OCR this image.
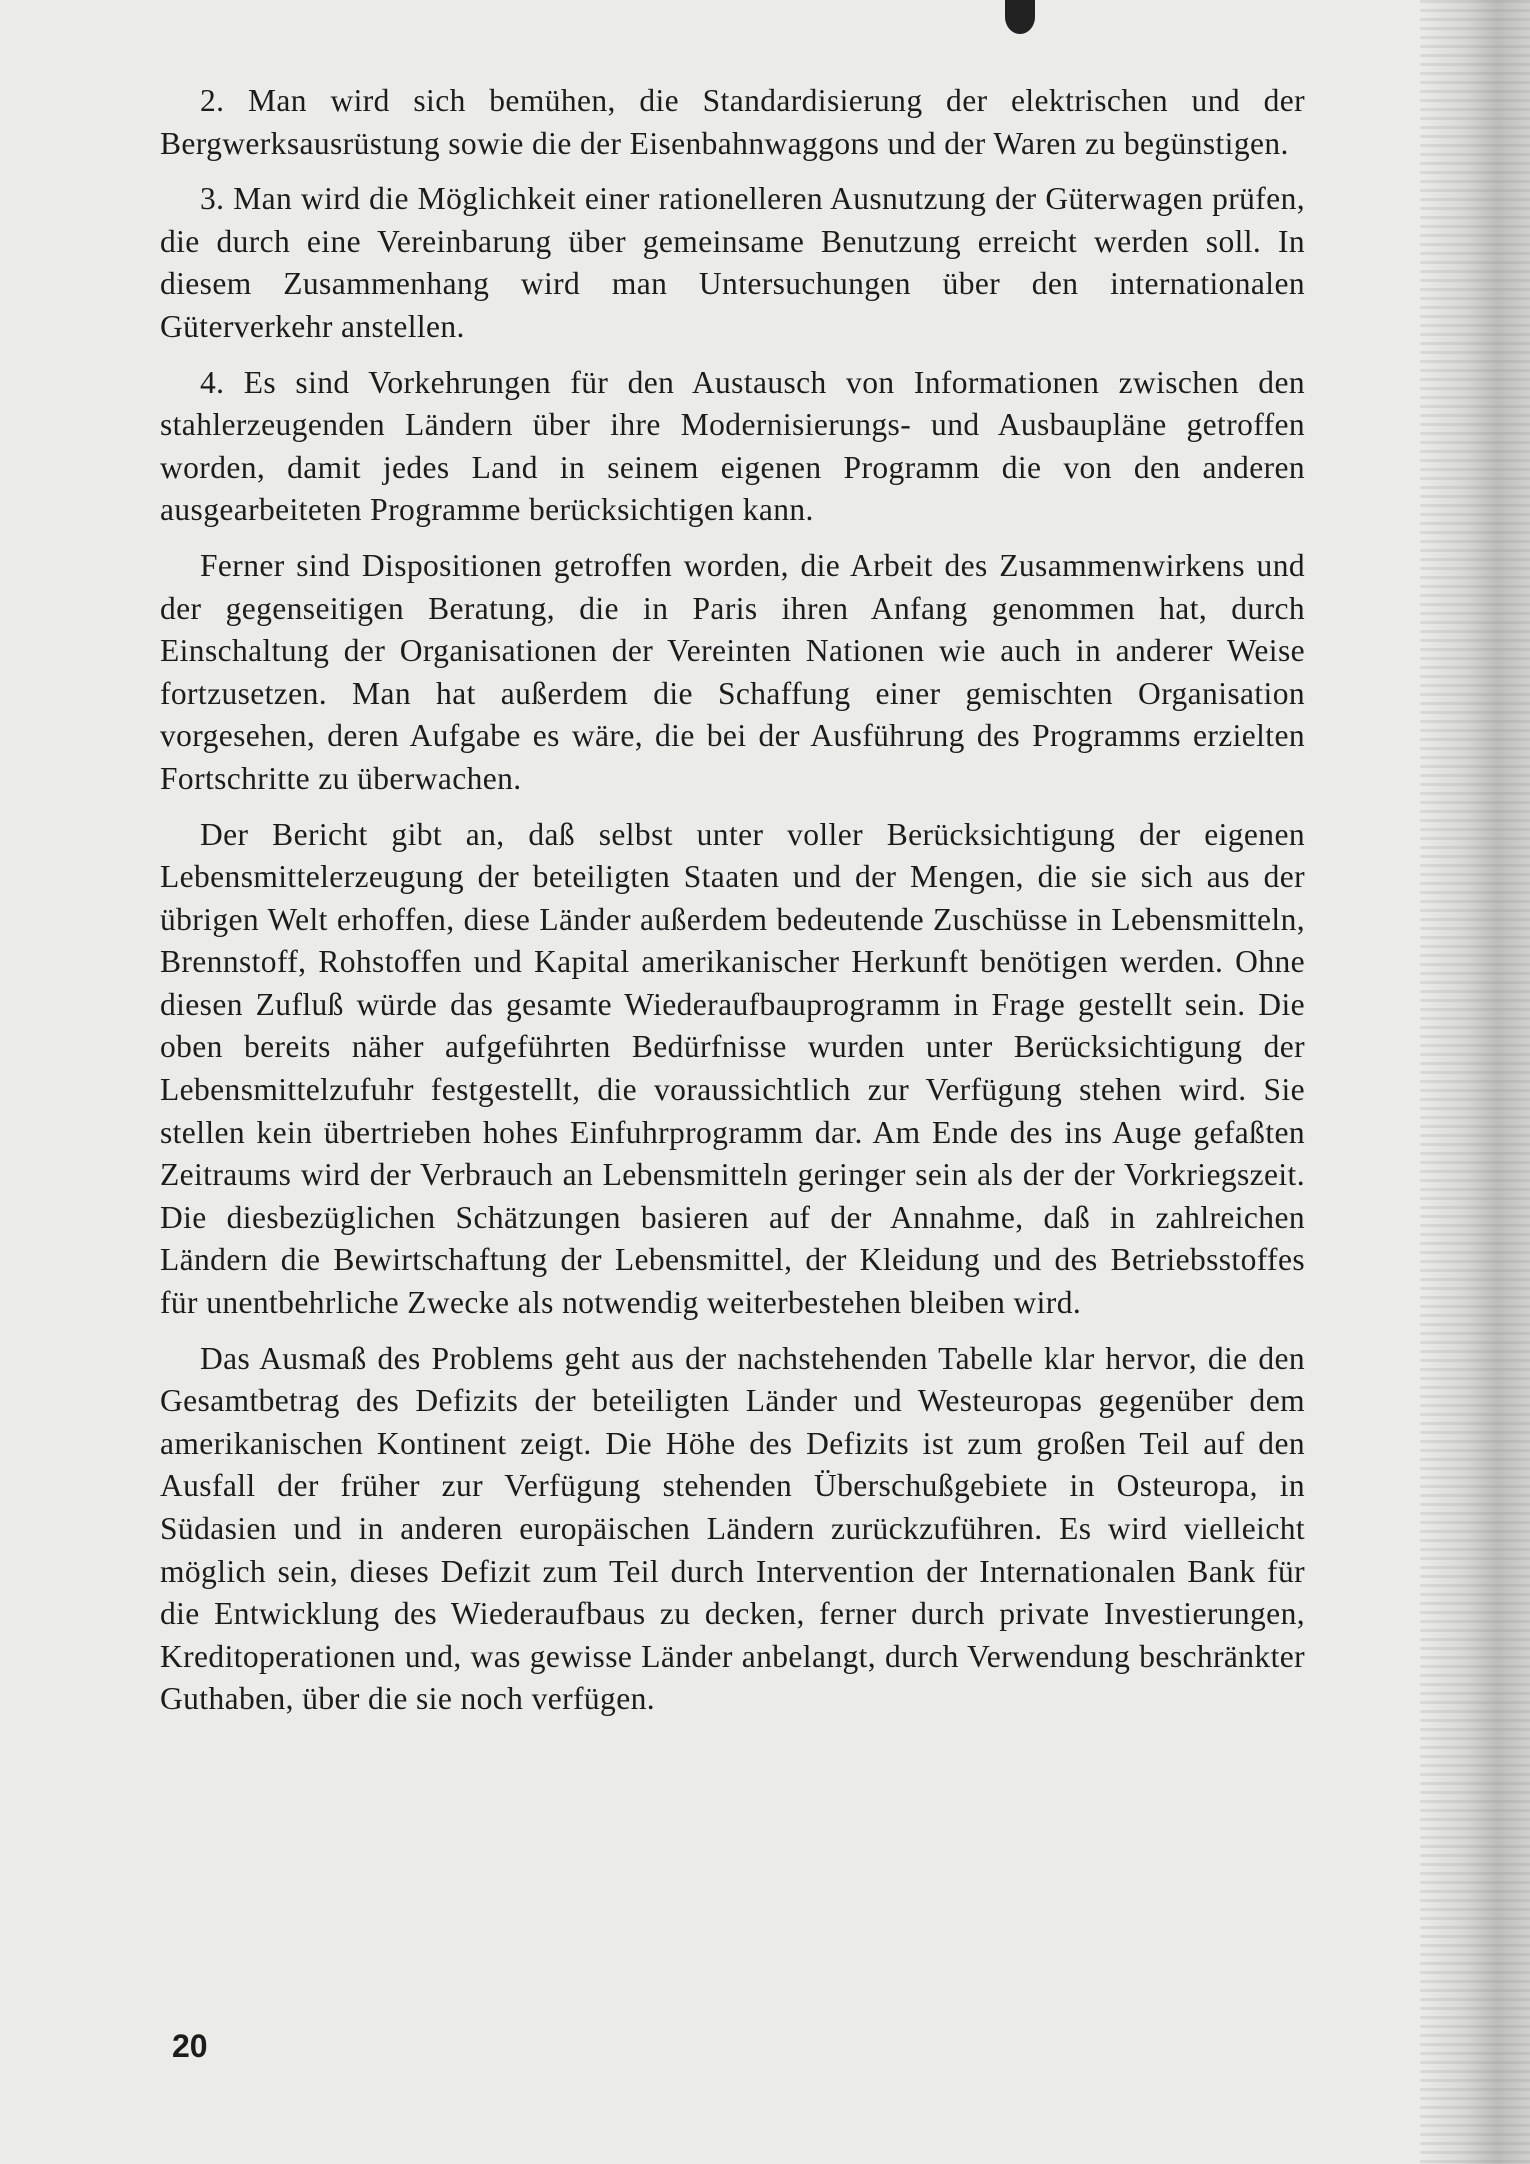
2. Man wird sich bemühen, die Standardisierung der elektrischen und der Bergwerksausrüstung sowie die der Eisenbahnwaggons und der Waren zu begünstigen.

3. Man wird die Möglichkeit einer rationelleren Ausnutzung der Güterwagen prüfen, die durch eine Vereinbarung über gemeinsame Benutzung erreicht werden soll. In diesem Zusammenhang wird man Untersuchungen über den internationalen Güterverkehr anstellen.

4. Es sind Vorkehrungen für den Austausch von Informationen zwischen den stahlerzeugenden Ländern über ihre Modernisierungs- und Ausbaupläne getroffen worden, damit jedes Land in seinem eigenen Programm die von den anderen ausgearbeiteten Programme berücksichtigen kann.

Ferner sind Dispositionen getroffen worden, die Arbeit des Zusammenwirkens und der gegenseitigen Beratung, die in Paris ihren Anfang genommen hat, durch Einschaltung der Organisationen der Vereinten Nationen wie auch in anderer Weise fortzusetzen. Man hat außerdem die Schaffung einer gemischten Organisation vorgesehen, deren Aufgabe es wäre, die bei der Ausführung des Programms erzielten Fortschritte zu überwachen.

Der Bericht gibt an, daß selbst unter voller Berücksichtigung der eigenen Lebensmittelerzeugung der beteiligten Staaten und der Mengen, die sie sich aus der übrigen Welt erhoffen, diese Länder außerdem bedeutende Zuschüsse in Lebensmitteln, Brennstoff, Rohstoffen und Kapital amerikanischer Herkunft benötigen werden. Ohne diesen Zufluß würde das gesamte Wiederaufbauprogramm in Frage gestellt sein. Die oben bereits näher aufgeführten Bedürfnisse wurden unter Berücksichtigung der Lebensmittelzufuhr festgestellt, die voraussichtlich zur Verfügung stehen wird. Sie stellen kein übertrieben hohes Einfuhrprogramm dar. Am Ende des ins Auge gefaßten Zeitraums wird der Verbrauch an Lebensmitteln geringer sein als der der Vorkriegszeit. Die diesbezüglichen Schätzungen basieren auf der Annahme, daß in zahlreichen Ländern die Bewirtschaftung der Lebensmittel, der Kleidung und des Betriebsstoffes für unentbehrliche Zwecke als notwendig weiterbestehen bleiben wird.

Das Ausmaß des Problems geht aus der nachstehenden Tabelle klar hervor, die den Gesamtbetrag des Defizits der beteiligten Länder und Westeuropas gegenüber dem amerikanischen Kontinent zeigt. Die Höhe des Defizits ist zum großen Teil auf den Ausfall der früher zur Verfügung stehenden Überschußgebiete in Osteuropa, in Südasien und in anderen europäischen Ländern zurückzuführen. Es wird vielleicht möglich sein, dieses Defizit zum Teil durch Intervention der Internationalen Bank für die Entwicklung des Wiederaufbaus zu decken, ferner durch private Investierungen, Kreditoperationen und, was gewisse Länder anbelangt, durch Verwendung beschränkter Guthaben, über die sie noch verfügen.

20
